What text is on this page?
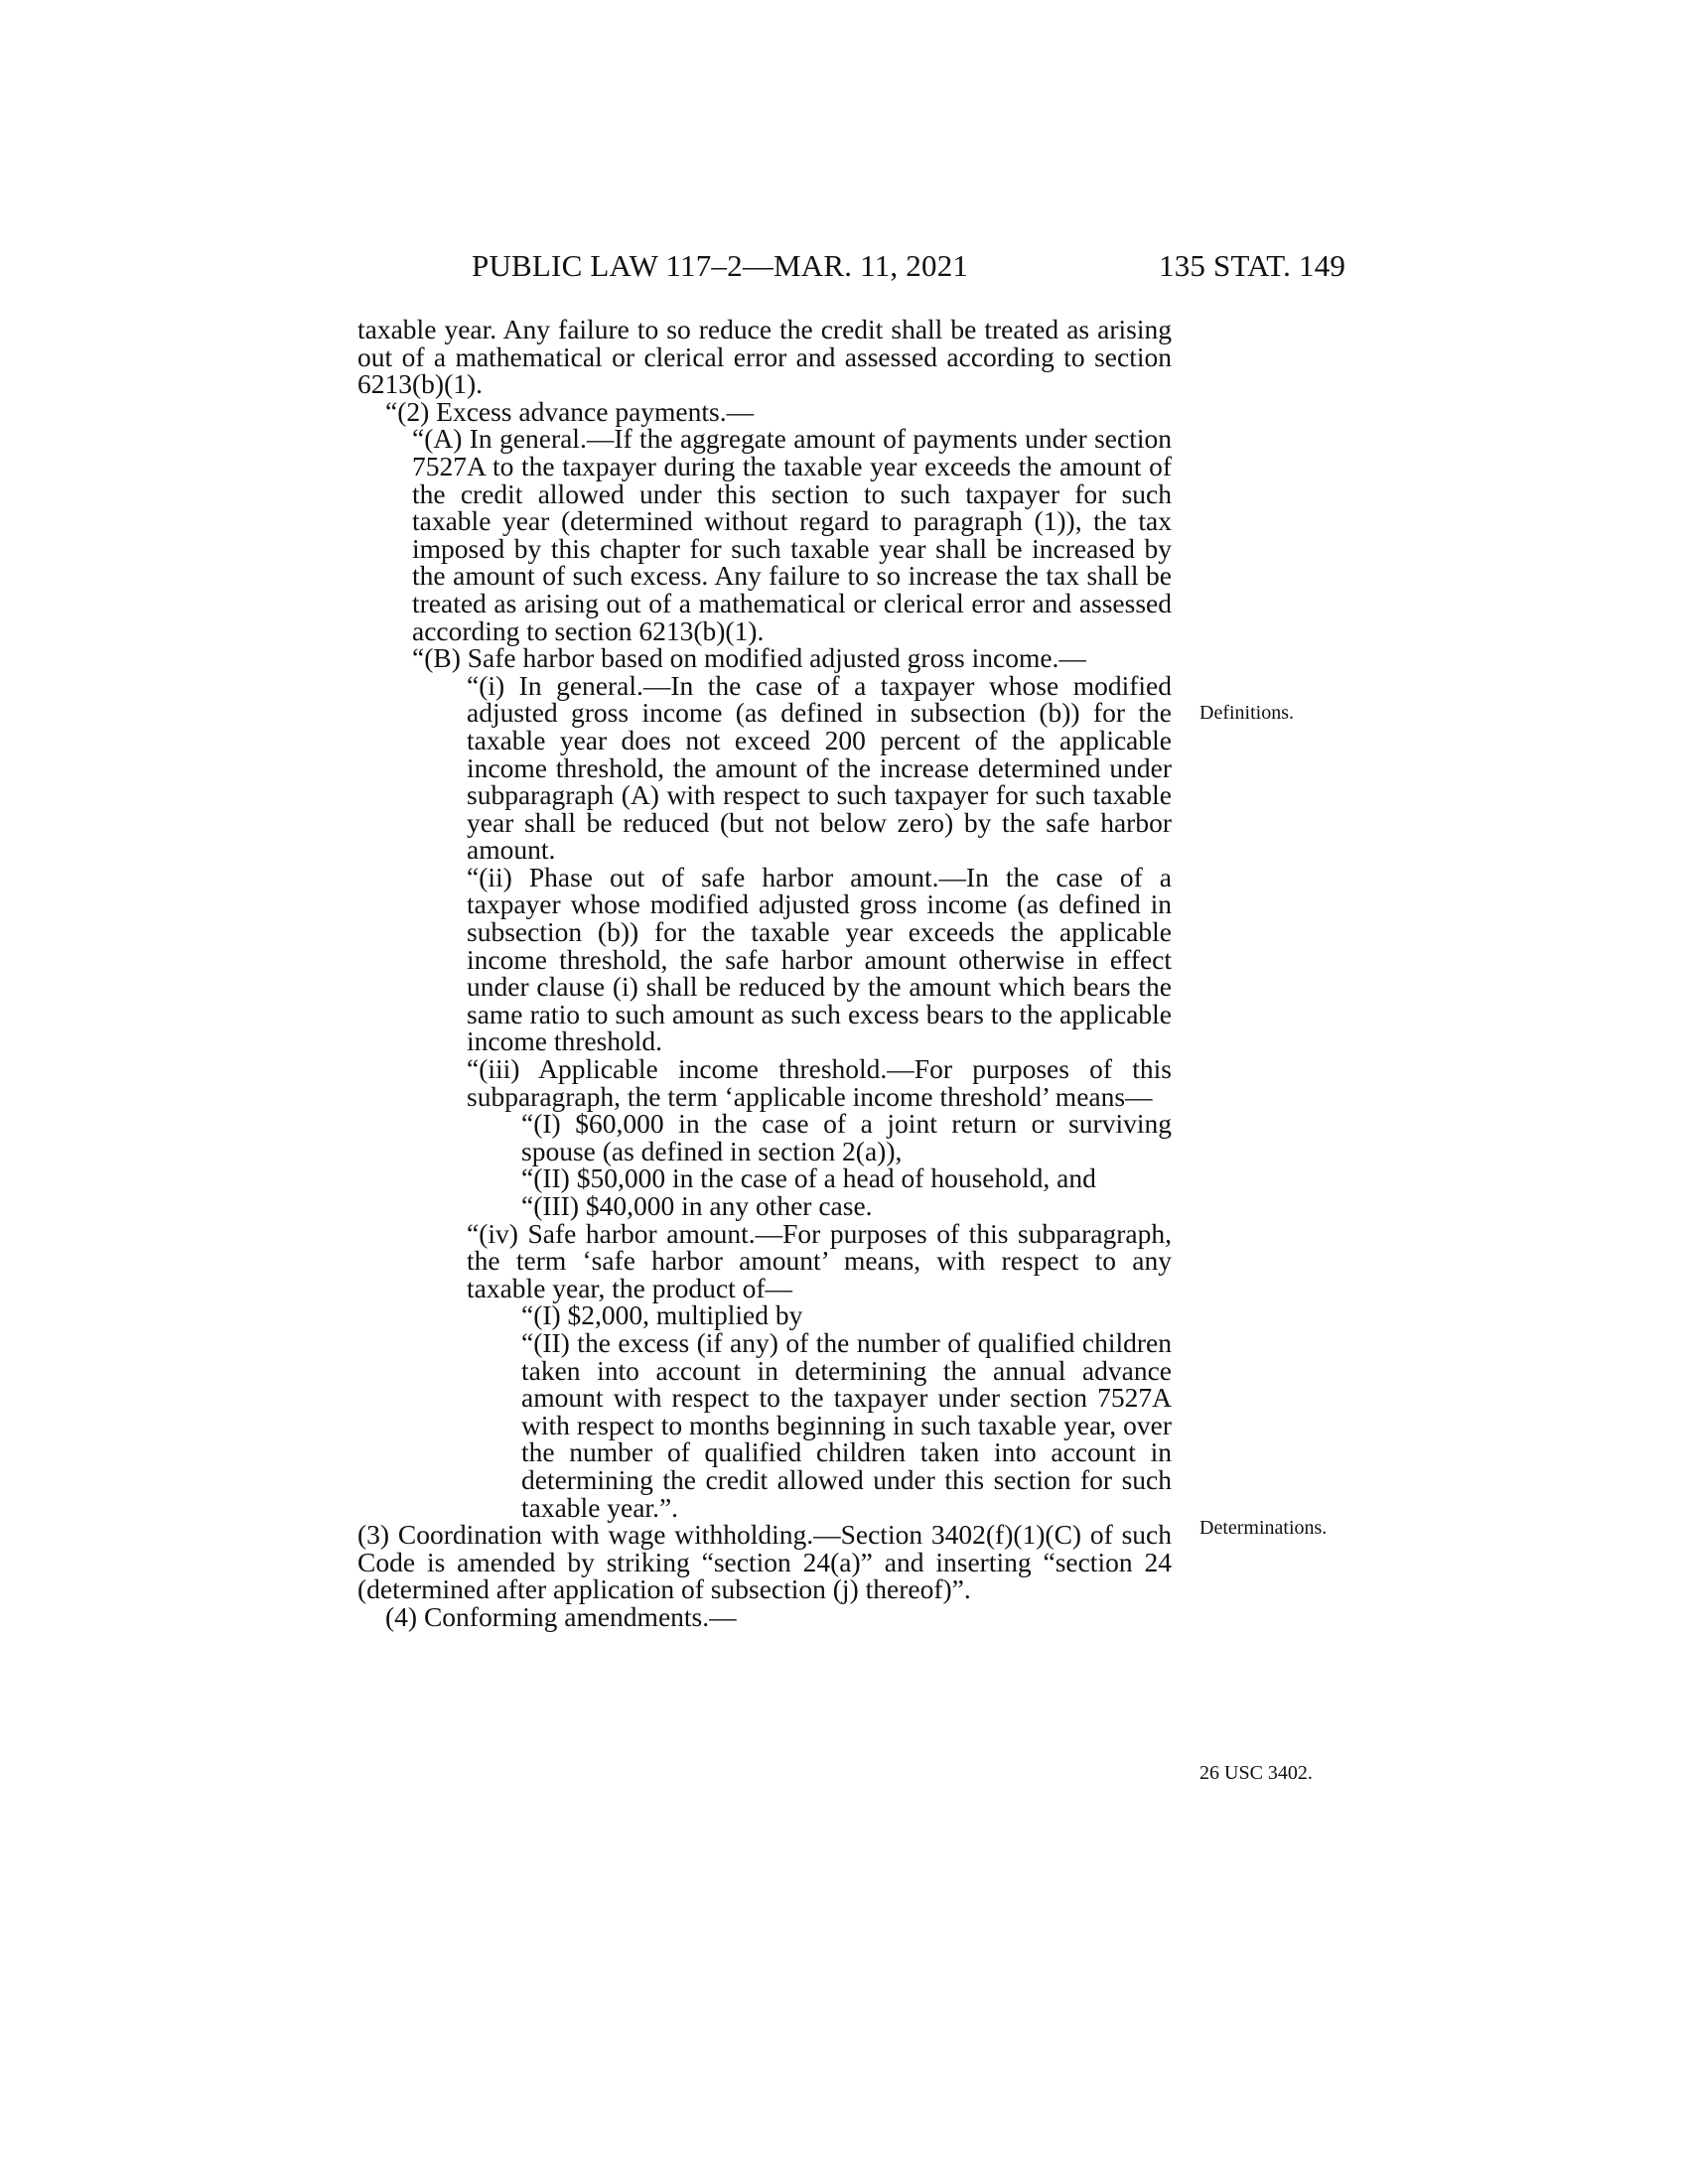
PUBLIC LAW 117–2—MAR. 11, 2021	135 STAT. 149
Definitions.
Determinations.
26 USC 3402.

taxable year. Any failure to so reduce the credit shall be treated as arising out of a mathematical or clerical error and assessed according to section 6213(b)(1).

“(2) Excess advance payments.—

“(A) In general.—If the aggregate amount of payments under section 7527A to the taxpayer during the taxable year exceeds the amount of the credit allowed under this section to such taxpayer for such taxable year (determined without regard to paragraph (1)), the tax imposed by this chapter for such taxable year shall be increased by the amount of such excess. Any failure to so increase the tax shall be treated as arising out of a mathematical or clerical error and assessed according to section 6213(b)(1).

“(B) Safe harbor based on modified adjusted gross income.—

“(i) In general.—In the case of a taxpayer whose modified adjusted gross income (as defined in subsection (b)) for the taxable year does not exceed 200 percent of the applicable income threshold, the amount of the increase determined under subparagraph (A) with respect to such taxpayer for such taxable year shall be reduced (but not below zero) by the safe harbor amount.

“(ii) Phase out of safe harbor amount.—In the case of a taxpayer whose modified adjusted gross income (as defined in subsection (b)) for the taxable year exceeds the applicable income threshold, the safe harbor amount otherwise in effect under clause (i) shall be reduced by the amount which bears the same ratio to such amount as such excess bears to the applicable income threshold.

“(iii) Applicable income threshold.—For purposes of this subparagraph, the term ‘applicable income threshold’ means—

“(I) $60,000 in the case of a joint return or surviving spouse (as defined in section 2(a)),

“(II) $50,000 in the case of a head of household, and

“(III) $40,000 in any other case.

“(iv) Safe harbor amount.—For purposes of this subparagraph, the term ‘safe harbor amount’ means, with respect to any taxable year, the product of—

“(I) $2,000, multiplied by

“(II) the excess (if any) of the number of qualified children taken into account in determining the annual advance amount with respect to the taxpayer under section 7527A with respect to months beginning in such taxable year, over the number of qualified children taken into account in determining the credit allowed under this section for such taxable year.”.

(3) Coordination with wage withholding.—Section 3402(f)(1)(C) of such Code is amended by striking “section 24(a)” and inserting “section 24 (determined after application of subsection (j) thereof)”.

(4) Conforming amendments.—
